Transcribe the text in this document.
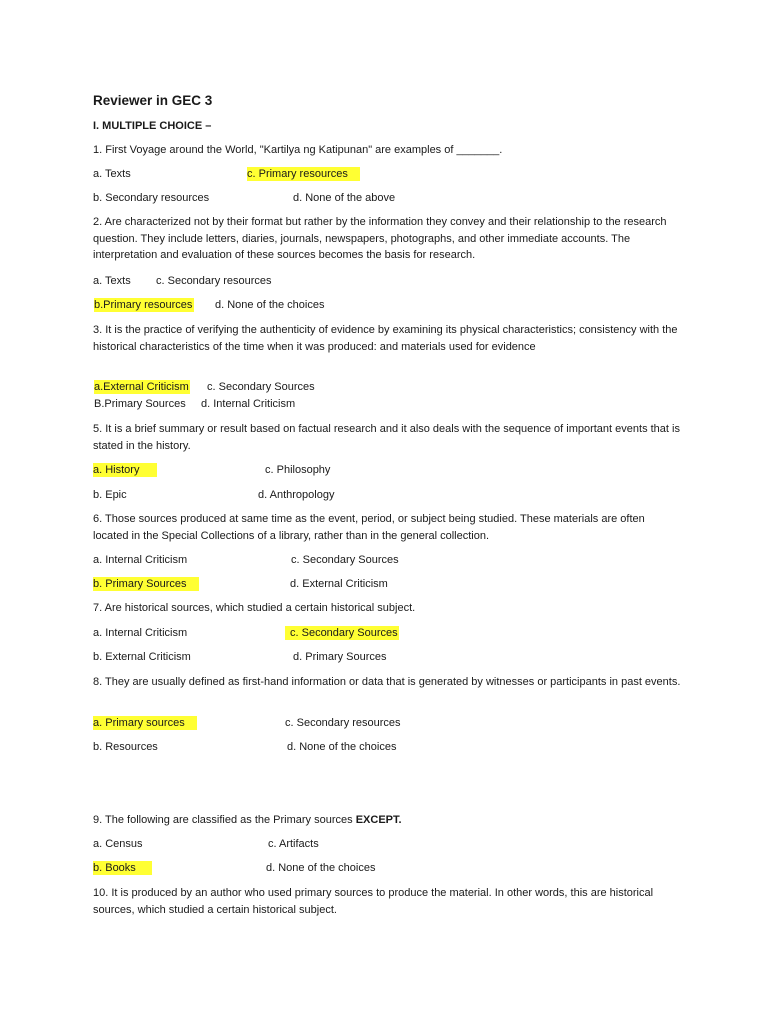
Reviewer in GEC 3
I. MULTIPLE CHOICE –
1. First Voyage around the World, "Kartilya ng Katipunan" are examples of _______.
a. Texts	c. Primary resources
b. Secondary resources	d. None of the above
2. Are characterized not by their format but rather by the information they convey and their relationship to the research question. They include letters, diaries, journals, newspapers, photographs, and other immediate accounts. The interpretation and evaluation of these sources becomes the basis for research.
a. Texts c. Secondary resources
b.Primary resources d. None of the choices
3. It is the practice of verifying the authenticity of evidence by examining its physical characteristics; consistency with the historical characteristics of the time when it was produced: and materials used for evidence
a.External Criticism c. Secondary Sources
B.Primary Sources d. Internal Criticism
5. It is a brief summary or result based on factual research and it also deals with the sequence of important events that is stated in the history.
a. History	c. Philosophy
b. Epic	d. Anthropology
6. Those sources produced at same time as the event, period, or subject being studied. These materials are often located in the Special Collections of a library, rather than in the general collection.
a. Internal Criticism	c. Secondary Sources
b. Primary Sources	d. External Criticism
7. Are historical sources, which studied a certain historical subject.
a. Internal Criticism	c. Secondary Sources
b. External Criticism	d. Primary Sources
8. They are usually defined as first-hand information or data that is generated by witnesses or participants in past events.
a. Primary sources	c. Secondary resources
b. Resources	d. None of the choices
9. The following are classified as the Primary sources EXCEPT.
a. Census	c. Artifacts
b. Books	d. None of the choices
10. It is produced by an author who used primary sources to produce the material. In other words, this are historical sources, which studied a certain historical subject.
